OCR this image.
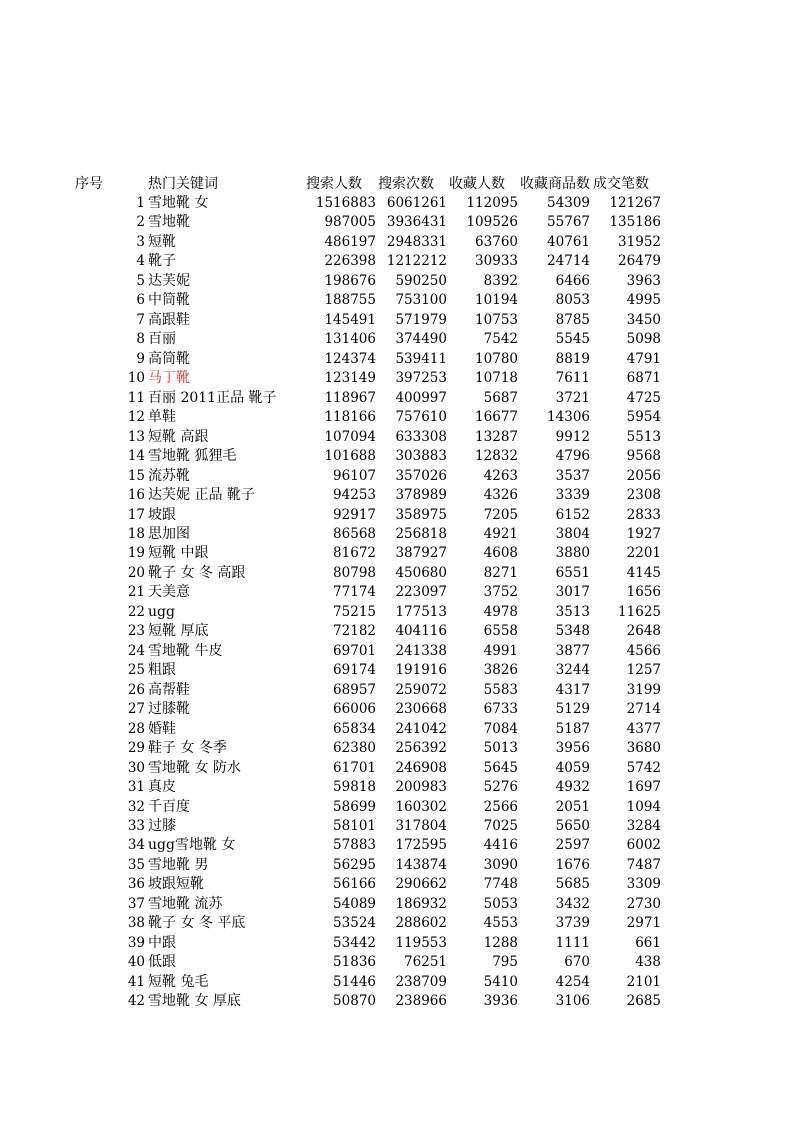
序号	热门关键词	搜索人数	搜索次数	收藏人数	收藏商品数 成交笔数
1 雪地靴 女	1516883 6061261	112095	54309	121267
2 雪地靴	987005 3936431	109526	55767	135186
3 短靴	486197 2948331	63760	40761	31952
4 靴子	226398 1212212	30933	24714	26479
5 达芙妮	198676	590250	8392	6466	3963
6 中筒靴	188755	753100	10194	8053	4995
7 高跟鞋	145491	571979	10753	8785	3450
8 百丽	131406	374490	7542	5545	5098
9 高筒靴	124374	539411	10780	8819	4791
10 马丁靴	123149	397253	10718	7611	6871
11 百丽 2011正品 靴子	118967	400997	5687	3721	4725
12 单鞋	118166	757610	16677	14306	5954
13 短靴 高跟	107094	633308	13287	9912	5513
14 雪地靴 狐狸毛	101688	303883	12832	4796	9568
15 流苏靴	96107	357026	4263	3537	2056
16 达芙妮 正品 靴子	94253	378989	4326	3339	2308
17 坡跟	92917	358975	7205	6152	2833
18 思加图	86568	256818	4921	3804	1927
19 短靴 中跟	81672	387927	4608	3880	2201
20 靴子 女 冬 高跟	80798	450680	8271	6551	4145
21 天美意	77174	223097	3752	3017	1656
22 ugg	75215	177513	4978	3513	11625
23 短靴 厚底	72182	404116	6558	5348	2648
24 雪地靴 牛皮	69701	241338	4991	3877	4566
25 粗跟	69174	191916	3826	3244	1257
26 高帮鞋	68957	259072	5583	4317	3199
27 过膝靴	66006	230668	6733	5129	2714
28 婚鞋	65834	241042	7084	5187	4377
29 鞋子 女 冬季	62380	256392	5013	3956	3680
30 雪地靴 女 防水	61701	246908	5645	4059	5742
31 真皮	59818	200983	5276	4932	1697
32 千百度	58699	160302	2566	2051	1094
33 过膝	58101	317804	7025	5650	3284
34 ugg雪地靴 女	57883	172595	4416	2597	6002
35 雪地靴 男	56295	143874	3090	1676	7487
36 坡跟短靴	56166	290662	7748	5685	3309
37 雪地靴 流苏	54089	186932	5053	3432	2730
38 靴子 女 冬 平底	53524	288602	4553	3739	2971
39 中跟	53442	119553	1288	1111	661
40 低跟	51836	76251	795	670	438
41 短靴 兔毛	51446	238709	5410	4254	2101
42 雪地靴 女 厚底	50870	238966	3936	3106	2685
